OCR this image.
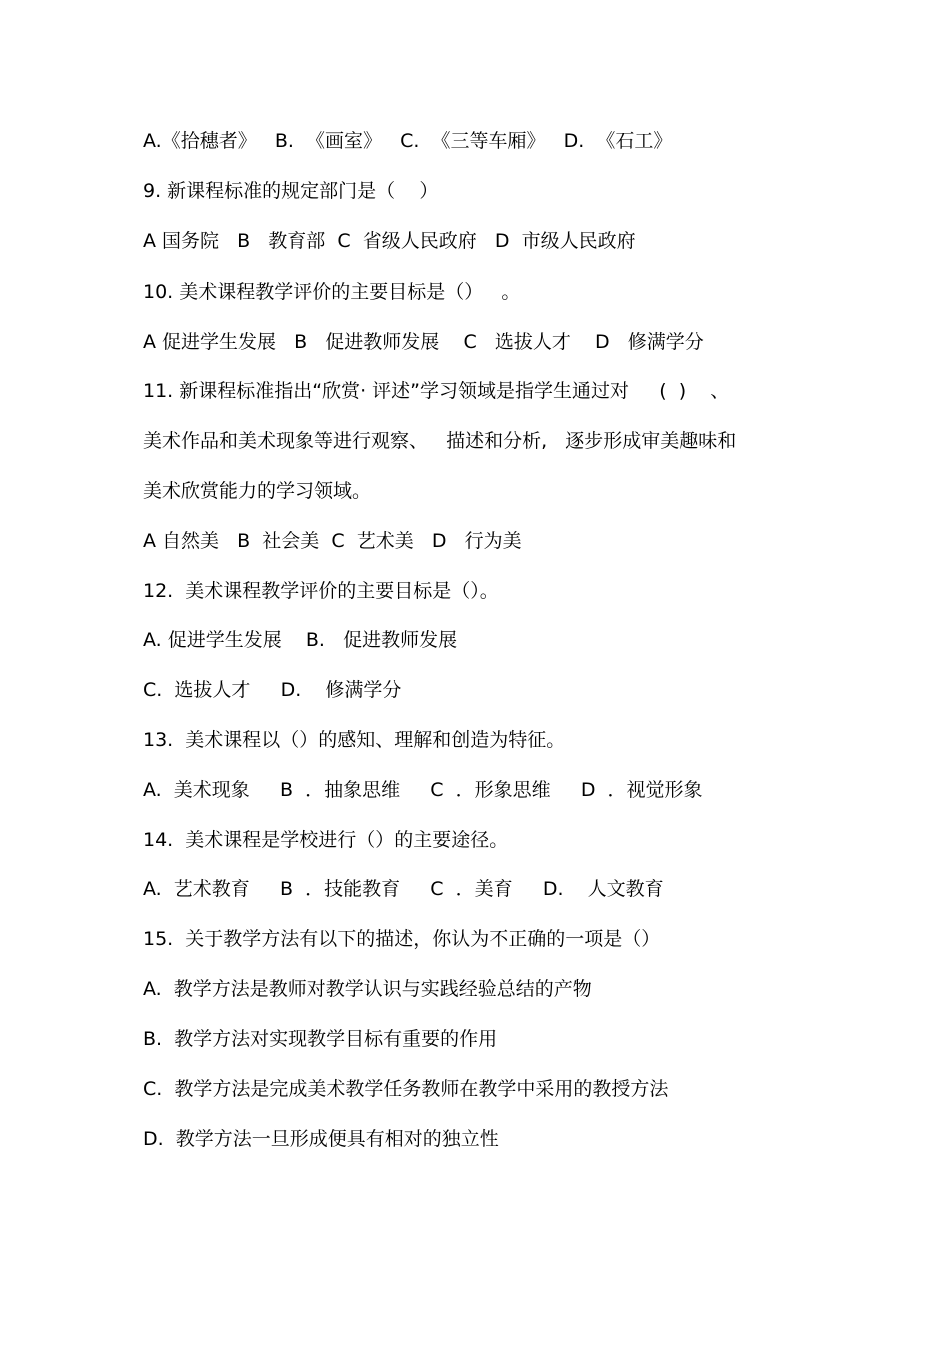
A.《拾穗者》   B.  《画室》   C.  《三等车厢》   D.  《石工》
9. 新课程标准的规定部门是（    ）
A 国务院   B   教育部  C  省级人民政府   D  市级人民政府
10. 美术课程教学评价的主要目标是（）   。
A 促进学生发展   B   促进教师发展    C   选拔人才    D   修满学分
11. 新课程标准指出“欣赏· 评述”学习领域是指学生通过对     (  )    、
美术作品和美术现象等进行观察、   描述和分析,   逐步形成审美趣味和
美术欣赏能力的学习领域。
A 自然美   B  社会美  C  艺术美   D   行为美
12.  美术课程教学评价的主要目标是（）。
A. 促进学生发展    B.   促进教师发展
C.  选拔人才     D.    修满学分
13.  美术课程以（）的感知、理解和创造为特征。
A.  美术现象     B  ．抽象思维     C  ．形象思维     D  ．视觉形象
14.  美术课程是学校进行（）的主要途径。
A.  艺术教育     B  ．技能教育     C  ．美育     D.    人文教育
15.  关于教学方法有以下的描述，你认为不正确的一项是（）
A.  教学方法是教师对教学认识与实践经验总结的产物
B.  教学方法对实现教学目标有重要的作用
C.  教学方法是完成美术教学任务教师在教学中采用的教授方法
D.  教学方法一旦形成便具有相对的独立性
